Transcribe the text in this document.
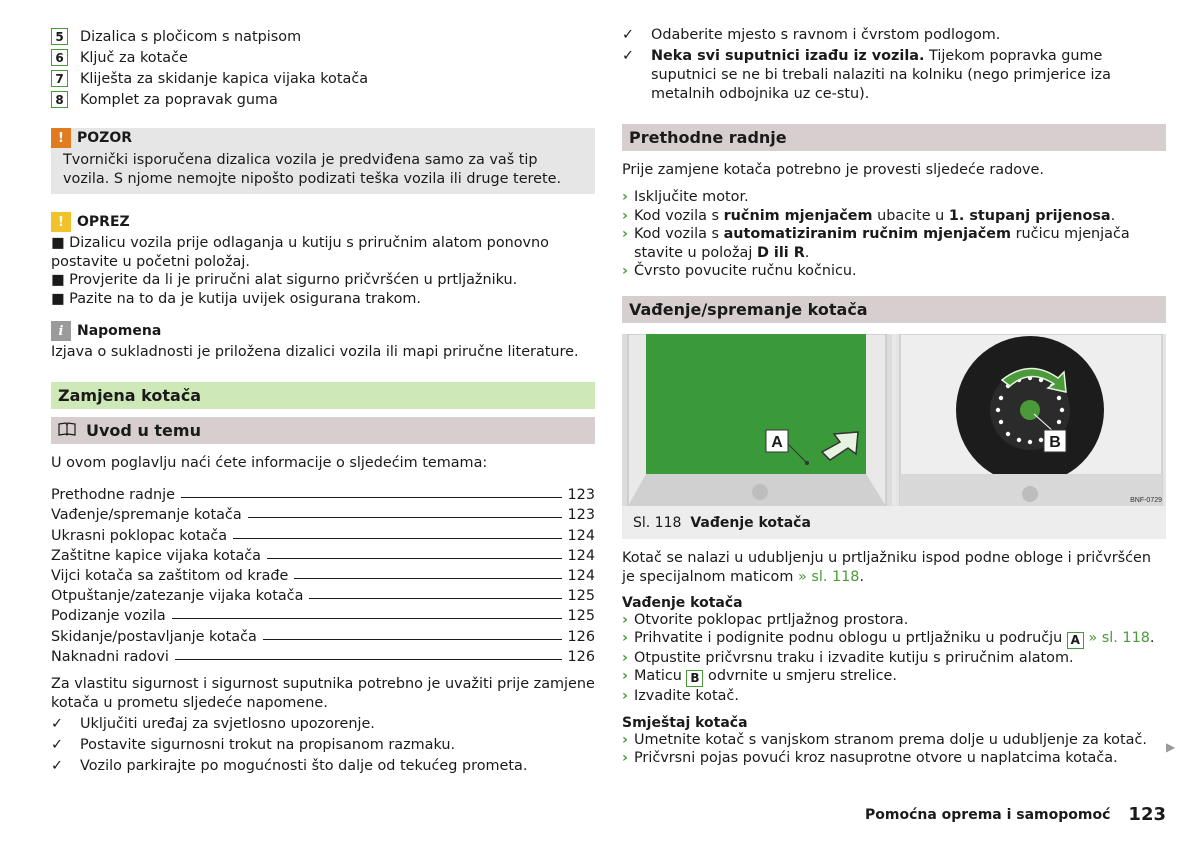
5	Dizalica s pločicom s natpisom
6	Ključ za kotače
7	Kliješta za skidanje kapica vijaka kotača
8	Komplet za popravak guma
! POZOR
Tvornički isporučena dizalica vozila je predviđena samo za vaš tip vozila. S njome nemojte nipošto podizati teška vozila ili druge terete.
! OPREZ
■ Dizalicu vozila prije odlaganja u kutiju s priručnim alatom ponovno postavite u početni položaj.
■ Provjerite da li je priručni alat sigurno pričvršćen u prtljažniku.
■ Pazite na to da je kutija uvijek osigurana trakom.
i Napomena
Izjava o sukladnosti je priložena dizalici vozila ili mapi priručne literature.
Zamjena kotača
Uvod u temu
U ovom poglavlju naći ćete informacije o sljedećim temama:
Prethodne radnje	123
Vađenje/spremanje kotača	123
Ukrasni poklopac kotača	124
Zaštitne kapice vijaka kotača	124
Vijci kotača sa zaštitom od krađe	124
Otpuštanje/zatezanje vijaka kotača	125
Podizanje vozila	125
Skidanje/postavljanje kotača	126
Naknadni radovi	126
Za vlastitu sigurnost i sigurnost suputnika potrebno je uvažiti prije zamjene kotača u prometu sljedeće napomene.
✓	Uključiti uređaj za svjetlosno upozorenje.
✓	Postavite sigurnosni trokut na propisanom razmaku.
✓	Vozilo parkirajte po mogućnosti što dalje od tekućeg prometa.
✓	Odaberite mjesto s ravnom i čvrstom podlogom.
✓	Neka svi suputnici izađu iz vozila. Tijekom popravka gume suputnici se ne bi trebali nalaziti na kolniku (nego primjerice iza metalnih odbojnika uz ce-stu).
Prethodne radnje
Prije zamjene kotača potrebno je provesti sljedeće radove.
› Isključite motor.
› Kod vozila s ručnim mjenjačem ubacite u 1. stupanj prijenosa.
› Kod vozila s automatiziranim ručnim mjenjačem ručicu mjenjača stavite u položaj D ili R.
› Čvrsto povucite ručnu kočnicu.
Vađenje/spremanje kotača
A	B
BNF-0729
Sl. 118 Vađenje kotača
Kotač se nalazi u udubljenju u prtljažniku ispod podne obloge i pričvršćen je specijalnom maticom » sl. 118.
Vađenje kotača
› Otvorite poklopac prtljažnog prostora.
› Prihvatite i podignite podnu oblogu u prtljažniku u području A » sl. 118.
› Otpustite pričvrsnu traku i izvadite kutiju s priručnim alatom.
› Maticu B odvrnite u smjeru strelice.
› Izvadite kotač.
Smještaj kotača
› Umetnite kotač s vanjskom stranom prema dolje u udubljenje za kotač.
› Pričvrsni pojas povući kroz nasuprotne otvore u naplatcima kotača.
▶
Pomoćna oprema i samopomoć 123
